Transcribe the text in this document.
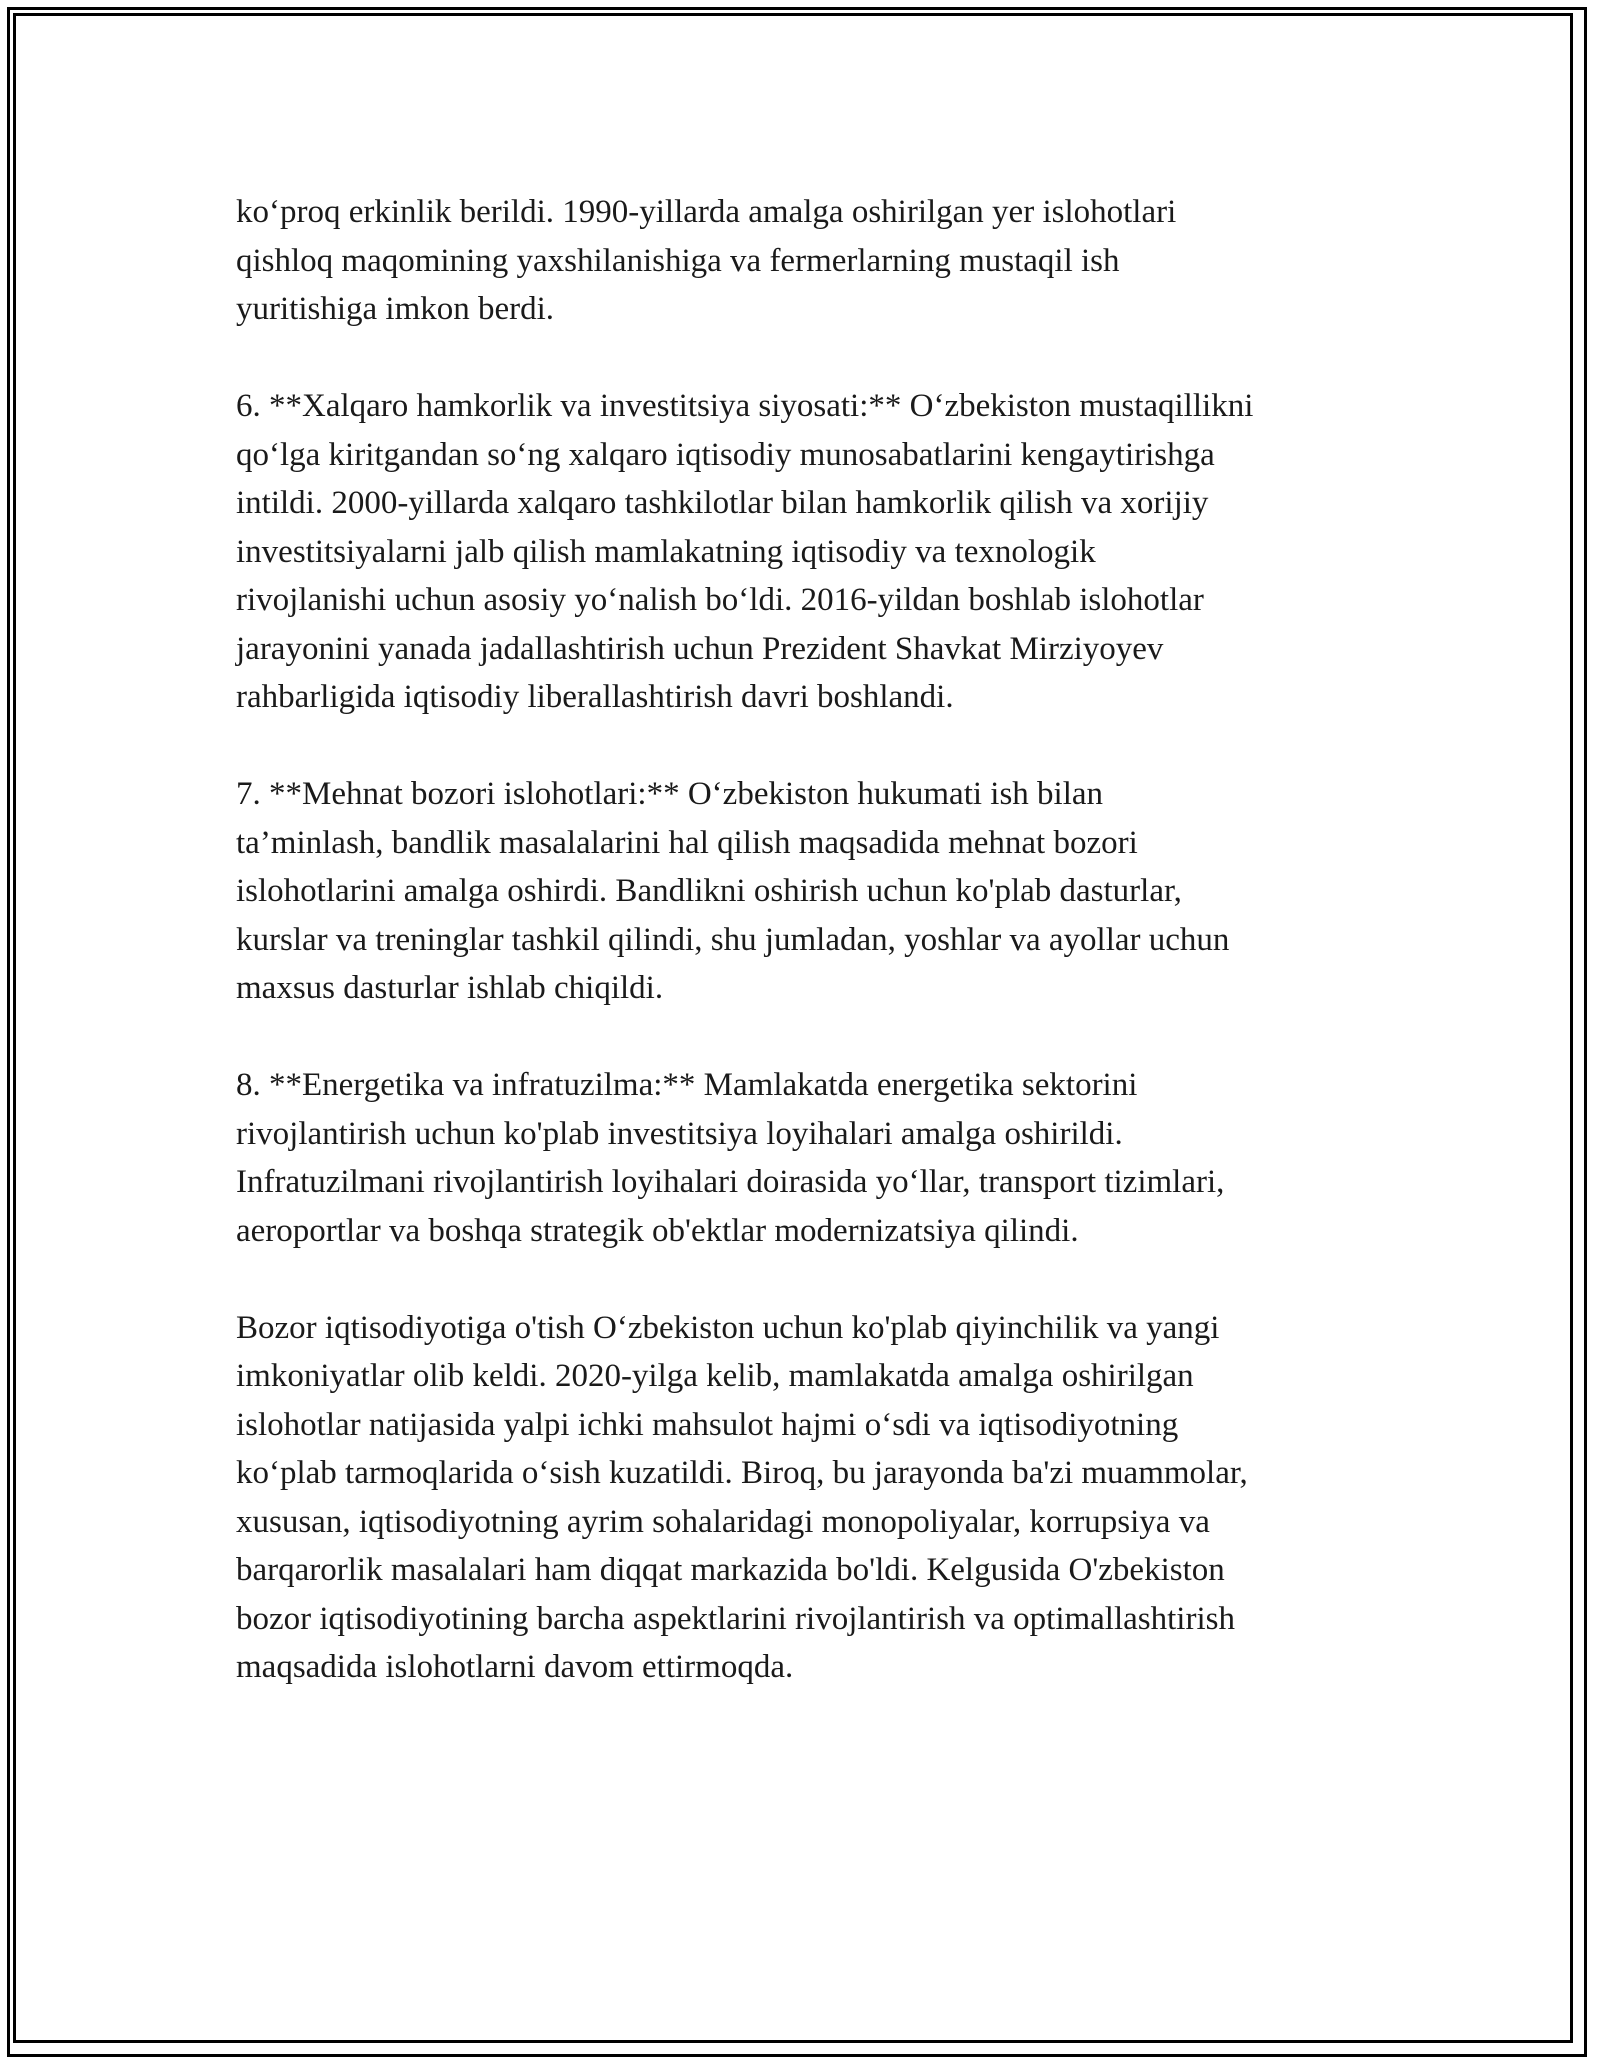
ko‘proq erkinlik berildi. 1990-yillarda amalga oshirilgan yer islohotlari
qishloq maqomining yaxshilanishiga va fermerlarning mustaqil ish
yuritishiga imkon berdi.
6. **Xalqaro hamkorlik va investitsiya siyosati:** O‘zbekiston mustaqillikni
qo‘lga kiritgandan so‘ng xalqaro iqtisodiy munosabatlarini kengaytirishga
intildi. 2000-yillarda xalqaro tashkilotlar bilan hamkorlik qilish va xorijiy
investitsiyalarni jalb qilish mamlakatning iqtisodiy va texnologik
rivojlanishi uchun asosiy yo‘nalish bo‘ldi. 2016-yildan boshlab islohotlar
jarayonini yanada jadallashtirish uchun Prezident Shavkat Mirziyoyev
rahbarligida iqtisodiy liberallashtirish davri boshlandi.
7. **Mehnat bozori islohotlari:** O‘zbekiston hukumati ish bilan
ta’minlash, bandlik masalalarini hal qilish maqsadida mehnat bozori
islohotlarini amalga oshirdi. Bandlikni oshirish uchun ko'plab dasturlar,
kurslar va treninglar tashkil qilindi, shu jumladan, yoshlar va ayollar uchun
maxsus dasturlar ishlab chiqildi.
8. **Energetika va infratuzilma:** Mamlakatda energetika sektorini
rivojlantirish uchun ko'plab investitsiya loyihalari amalga oshirildi.
Infratuzilmani rivojlantirish loyihalari doirasida yo‘llar, transport tizimlari,
aeroportlar va boshqa strategik ob'ektlar modernizatsiya qilindi.
Bozor iqtisodiyotiga o'tish O‘zbekiston uchun ko'plab qiyinchilik va yangi
imkoniyatlar olib keldi. 2020-yilga kelib, mamlakatda amalga oshirilgan
islohotlar natijasida yalpi ichki mahsulot hajmi o‘sdi va iqtisodiyotning
ko‘plab tarmoqlarida o‘sish kuzatildi. Biroq, bu jarayonda ba'zi muammolar,
xususan, iqtisodiyotning ayrim sohalaridagi monopoliyalar, korrupsiya va
barqarorlik masalalari ham diqqat markazida bo'ldi. Kelgusida O'zbekiston
bozor iqtisodiyotining barcha aspektlarini rivojlantirish va optimallashtirish
maqsadida islohotlarni davom ettirmoqda.
